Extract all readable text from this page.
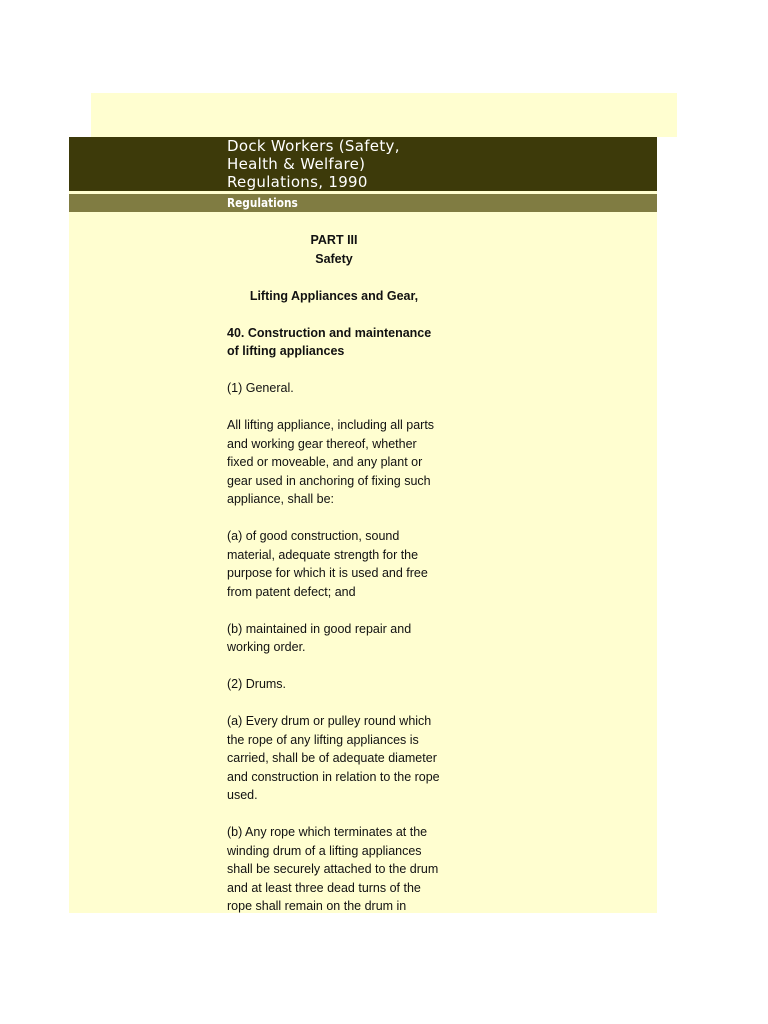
Dock Workers (Safety,
Health & Welfare)
Regulations, 1990
Regulations

PART III

Safety

Lifting Appliances and Gear,

40. Construction and maintenance of lifting appliances

(1) General.

All lifting appliance, including all parts and working gear thereof, whether fixed or moveable, and any plant or gear used in anchoring of fixing such appliance, shall be:

(a) of good construction, sound material, adequate strength for the purpose for which it is used and free from patent defect; and

(b) maintained in good repair and working order.

(2) Drums.

(a) Every drum or pulley round which the rope of any lifting appliances is carried, shall be of adequate diameter and construction in relation to the rope used.

(b) Any rope which terminates at the winding drum of a lifting appliances shall be securely attached to the drum and at least three dead turns of the rope shall remain on the drum in
